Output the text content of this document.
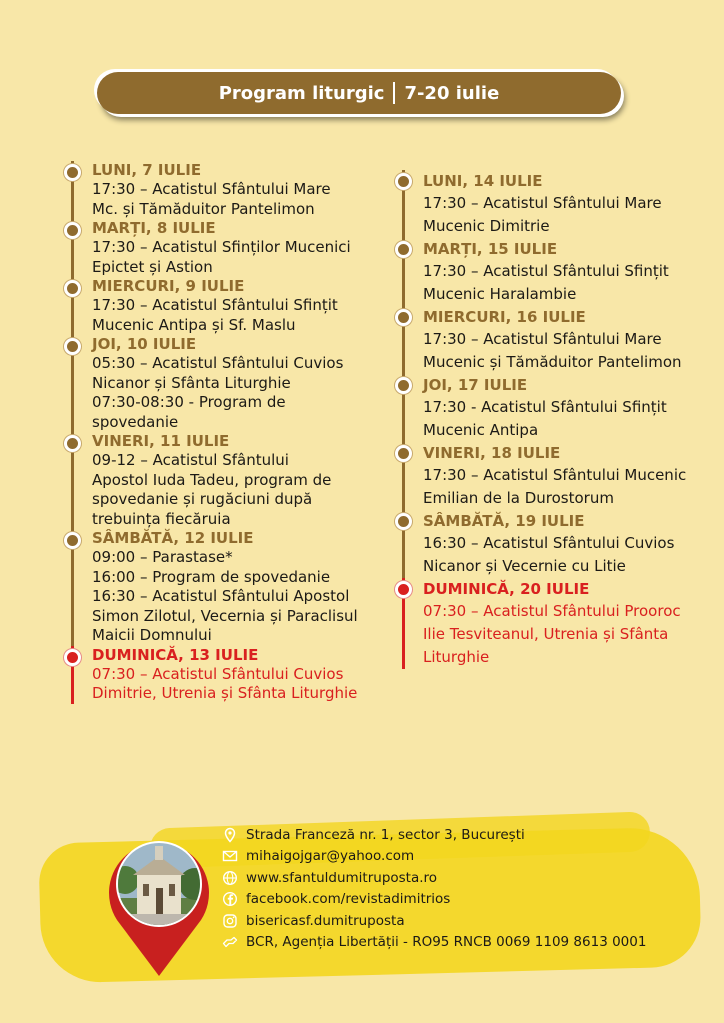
Program liturgic 7-20 iulie
LUNI, 7 IULIE
17:30 – Acatistul Sfântului Mare
Mc. și Tămăduitor Pantelimon
MARȚI, 8 IULIE
17:30 – Acatistul Sfinților Mucenici
Epictet și Astion
MIERCURI, 9 IULIE
17:30 – Acatistul Sfântului Sfințit
Mucenic Antipa și Sf. Maslu
JOI, 10 IULIE
05:30 – Acatistul Sfântului Cuvios
Nicanor și Sfânta Liturghie
07:30-08:30 - Program de
spovedanie
VINERI, 11 IULIE
09-12 – Acatistul Sfântului
Apostol Iuda Tadeu, program de
spovedanie și rugăciuni după
trebuința fiecăruia
SÂMBĂTĂ, 12 IULIE
09:00 – Parastase*
16:00 – Program de spovedanie
16:30 – Acatistul Sfântului Apostol
Simon Zilotul, Vecernia și Paraclisul
Maicii Domnului
DUMINICĂ, 13 IULIE
07:30 – Acatistul Sfântului Cuvios
Dimitrie, Utrenia și Sfânta Liturghie
LUNI, 14 IULIE
17:30 – Acatistul Sfântului Mare
Mucenic Dimitrie
MARȚI, 15 IULIE
17:30 – Acatistul Sfântului Sfințit
Mucenic Haralambie
MIERCURI, 16 IULIE
17:30 – Acatistul Sfântului Mare
Mucenic și Tămăduitor Pantelimon
JOI, 17 IULIE
17:30 - Acatistul Sfântului Sfințit
Mucenic Antipa
VINERI, 18 IULIE
17:30 – Acatistul Sfântului Mucenic
Emilian de la Durostorum
SÂMBĂTĂ, 19 IULIE
16:30 – Acatistul Sfântului Cuvios
Nicanor și Vecernie cu Litie
DUMINICĂ, 20 IULIE
07:30 – Acatistul Sfântului Prooroc
Ilie Tesviteanul, Utrenia și Sfânta
Liturghie
Strada Franceză nr. 1, sector 3, București
mihaigojgar@yahoo.com
www.sfantuldumitruposta.ro
facebook.com/revistadimitrios
bisericasf.dumitruposta
BCR, Agenția Libertății - RO95 RNCB 0069 1109 8613 0001
